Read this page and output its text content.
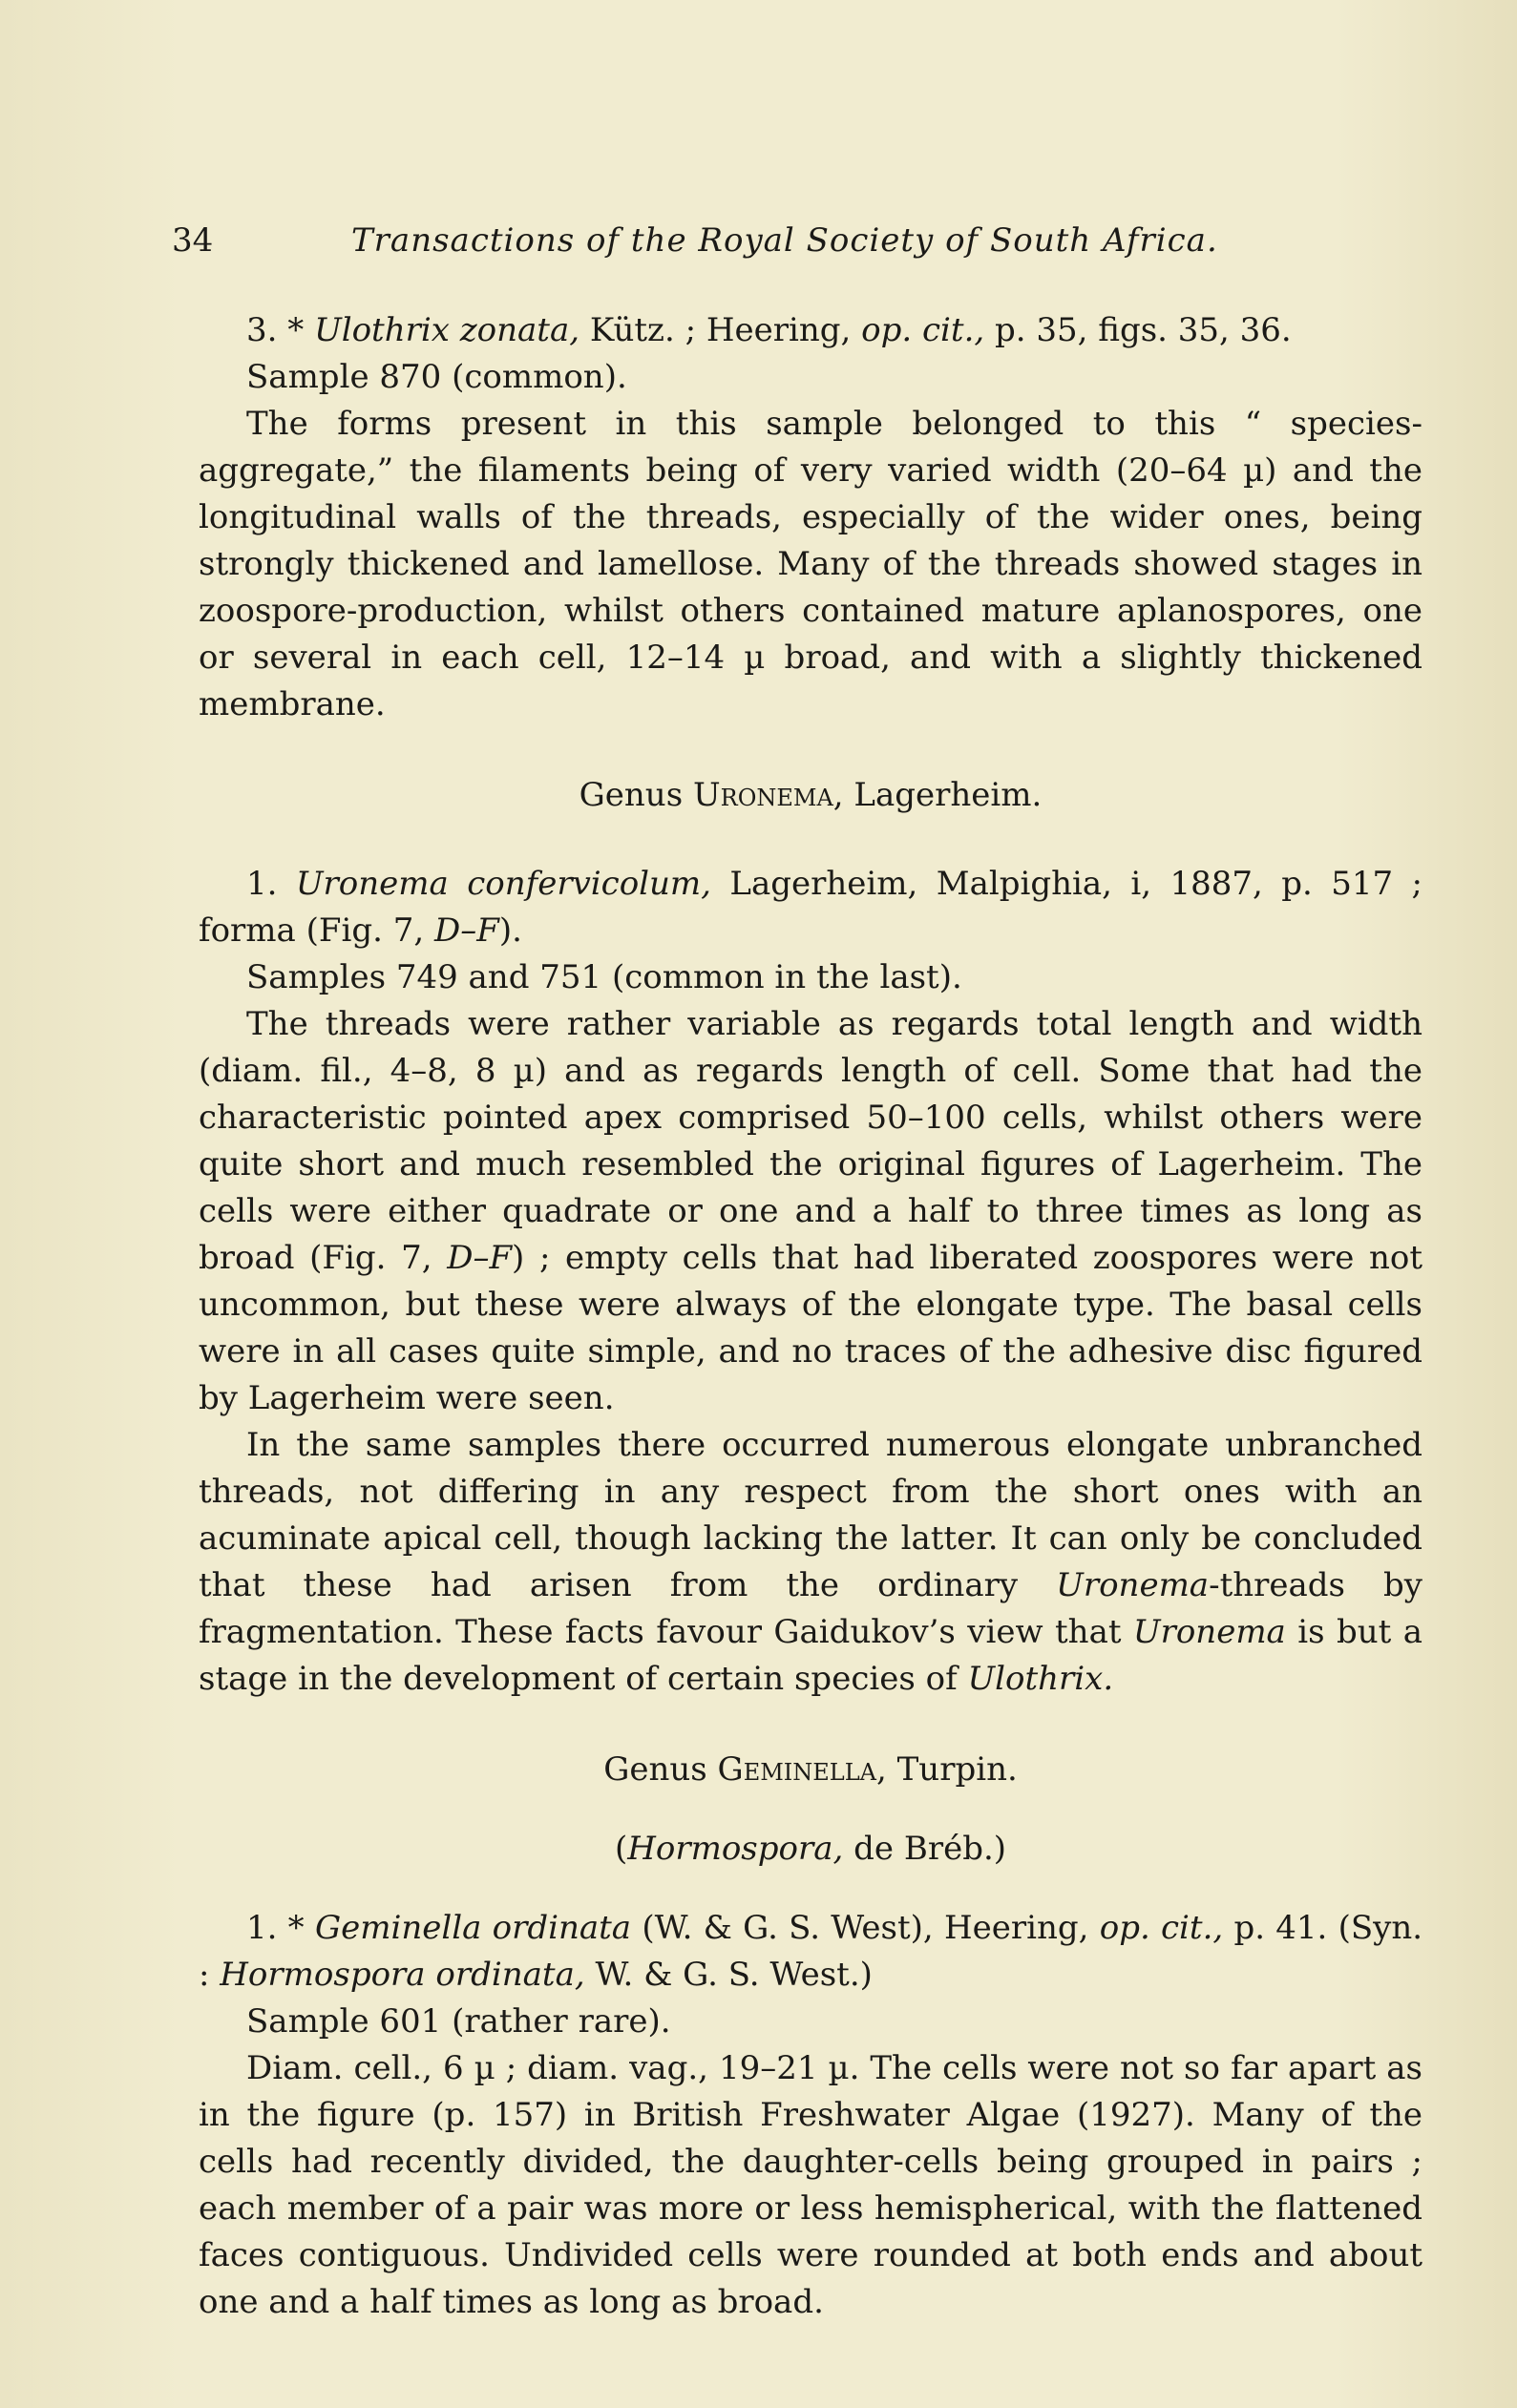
34	Transactions of the Royal Society of South Africa.

3. * Ulothrix zonata, Kütz. ; Heering, op. cit., p. 35, figs. 35, 36.

Sample 870 (common).

The forms present in this sample belonged to this “ species-aggregate,” the filaments being of very varied width (20–64 µ) and the longitudinal walls of the threads, especially of the wider ones, being strongly thickened and lamellose. Many of the threads showed stages in zoospore-production, whilst others contained mature aplanospores, one or several in each cell, 12–14 µ broad, and with a slightly thickened membrane.

Genus Uronema, Lagerheim.

1. Uronema confervicolum, Lagerheim, Malpighia, i, 1887, p. 517 ; forma (Fig. 7, D–F).

Samples 749 and 751 (common in the last).

The threads were rather variable as regards total length and width (diam. fil., 4–8, 8 µ) and as regards length of cell. Some that had the characteristic pointed apex comprised 50–100 cells, whilst others were quite short and much resembled the original figures of Lagerheim. The cells were either quadrate or one and a half to three times as long as broad (Fig. 7, D–F) ; empty cells that had liberated zoospores were not uncommon, but these were always of the elongate type. The basal cells were in all cases quite simple, and no traces of the adhesive disc figured by Lagerheim were seen.

In the same samples there occurred numerous elongate unbranched threads, not differing in any respect from the short ones with an acuminate apical cell, though lacking the latter. It can only be concluded that these had arisen from the ordinary Uronema-threads by fragmentation. These facts favour Gaidukov’s view that Uronema is but a stage in the development of certain species of Ulothrix.

Genus Geminella, Turpin.

(Hormospora, de Bréb.)

1. * Geminella ordinata (W. & G. S. West), Heering, op. cit., p. 41. (Syn. : Hormospora ordinata, W. & G. S. West.)

Sample 601 (rather rare).

Diam. cell., 6 µ ; diam. vag., 19–21 µ. The cells were not so far apart as in the figure (p. 157) in British Freshwater Algae (1927). Many of the cells had recently divided, the daughter-cells being grouped in pairs ; each member of a pair was more or less hemispherical, with the flattened faces contiguous. Undivided cells were rounded at both ends and about one and a half times as long as broad.
